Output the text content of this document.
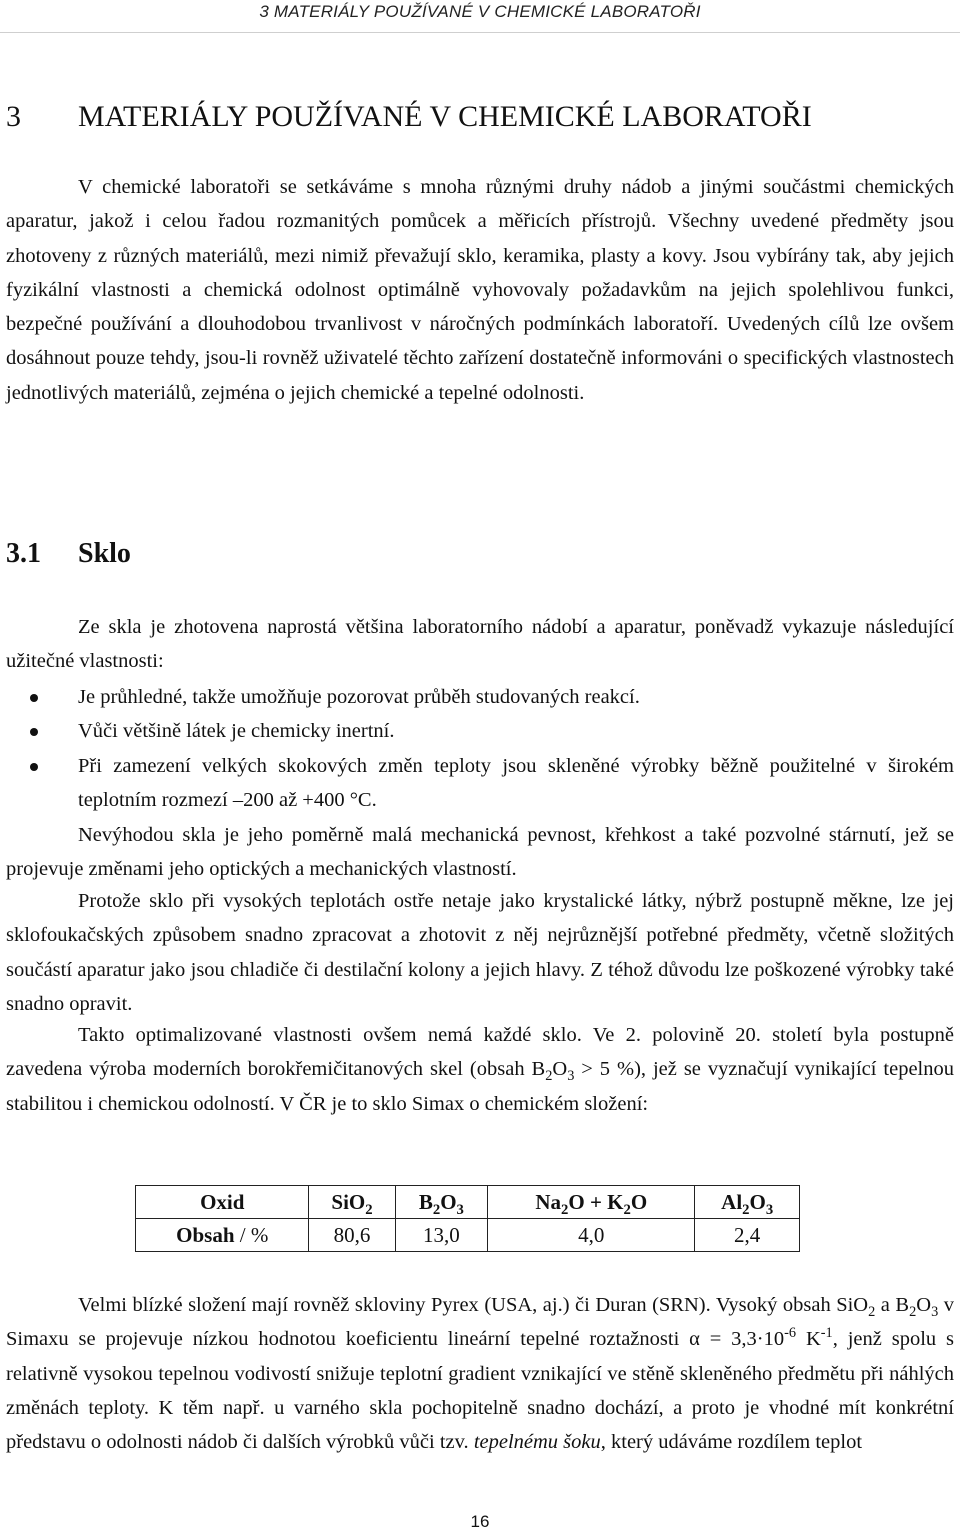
3 MATERIÁLY POUŽÍVANÉ V CHEMICKÉ LABORATOŘI
3 MATERIÁLY POUŽÍVANÉ V CHEMICKÉ LABORATOŘI

V chemické laboratoři se setkáváme s mnoha různými druhy nádob a jinými součástmi chemických aparatur, jakož i celou řadou rozmanitých pomůcek a měřicích přístrojů. Všechny uvedené předměty jsou zhotoveny z různých materiálů, mezi nimiž převažují sklo, keramika, plasty a kovy. Jsou vybírány tak, aby jejich fyzikální vlastnosti a chemická odolnost optimálně vyhovovaly požadavkům na jejich spolehlivou funkci, bezpečné používání a dlouhodobou trvanlivost v náročných podmínkách laboratoří. Uvedených cílů lze ovšem dosáhnout pouze tehdy, jsou-li rovněž uživatelé těchto zařízení dostatečně informováni o specifických vlastnostech jednotlivých materiálů, zejména o jejich chemické a tepelné odolnosti.

3.1 Sklo

Ze skla je zhotovena naprostá většina laboratorního nádobí a aparatur, poněvadž vykazuje následující užitečné vlastnosti:

Je průhledné, takže umožňuje pozorovat průběh studovaných reakcí.
Vůči většině látek je chemicky inertní.
Při zamezení velkých skokových změn teploty jsou skleněné výrobky běžně použitelné v širokém teplotním rozmezí –200 až +400 °C.

Nevýhodou skla je jeho poměrně malá mechanická pevnost, křehkost a také pozvolné stárnutí, jež se projevuje změnami jeho optických a mechanických vlastností.

Protože sklo při vysokých teplotách ostře netaje jako krystalické látky, nýbrž postupně měkne, lze jej sklofoukačských způsobem snadno zpracovat a zhotovit z něj nejrůznější potřebné předměty, včetně složitých součástí aparatur jako jsou chladiče či destilační kolony a jejich hlavy. Z téhož důvodu lze poškozené výrobky také snadno opravit.

Takto optimalizované vlastnosti ovšem nemá každé sklo. Ve 2. polovině 20. století byla postupně zavedena výroba moderních borokřemičitanových skel (obsah $B_2O_3 > 5$ %), jež se vyznačují vynikající tepelnou stabilitou i chemickou odolností. V ČR je to sklo Simax o chemickém složení:

Oxid	SiO$_2$	$B_2O_3$	$Na_2O + K_2O$	$Al_2O_3$
Obsah / %	80,6	13,0	4,0	2,4

Velmi blízké složení mají rovněž skloviny Pyrex (USA, aj.) či Duran (SRN). Vysoký obsah SiO$_2$ a $B_2O_3$ v Simaxu se projevuje nízkou hodnotou koeficientu lineární tepelné roztažnosti $\alpha = 3,3\cdot 10^{-6}$ $K^{-1}$, jenž spolu s relativně vysokou tepelnou vodivostí snižuje teplotní gradient vznikající ve stěně skleněného předmětu při náhlých změnách teploty. K těm např. u varného skla pochopitelně snadno dochází, a proto je vhodné mít konkrétní představu o odolnosti nádob či dalších výrobků vůči tzv. tepelnému šoku, který udáváme rozdílem teplot

16
